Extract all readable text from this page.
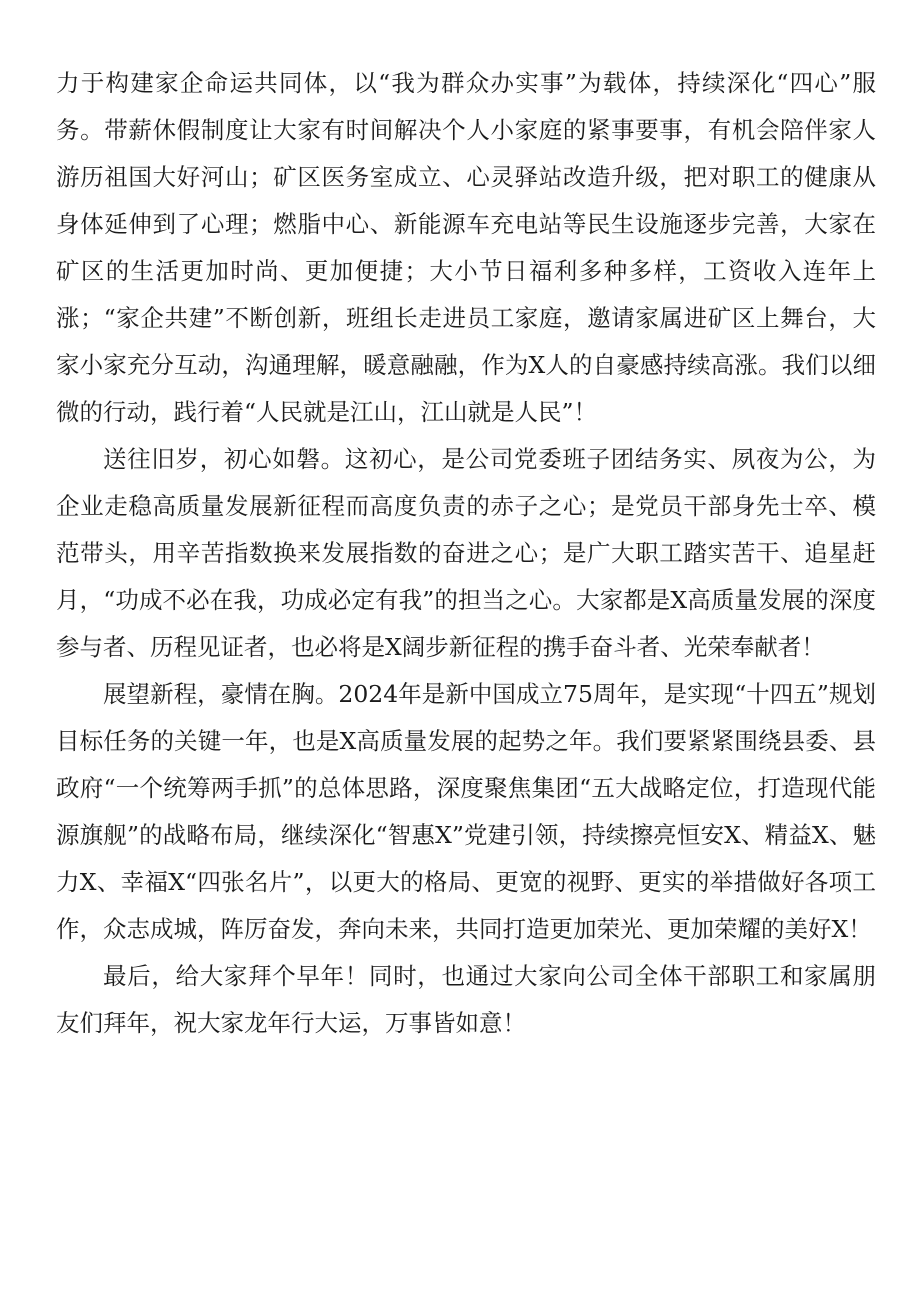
力于构建家企命运共同体，以“我为群众办实事”为载体，持续深化“四心”服务。带薪休假制度让大家有时间解决个人小家庭的紧事要事，有机会陪伴家人游历祖国大好河山；矿区医务室成立、心灵驿站改造升级，把对职工的健康从身体延伸到了心理；燃脂中心、新能源车充电站等民生设施逐步完善，大家在矿区的生活更加时尚、更加便捷；大小节日福利多种多样，工资收入连年上涨；“家企共建”不断创新，班组长走进员工家庭，邀请家属进矿区上舞台，大家小家充分互动，沟通理解，暖意融融，作为X人的自豪感持续高涨。我们以细微的行动，践行着“人民就是江山，江山就是人民”！

送往旧岁，初心如磐。这初心，是公司党委班子团结务实、夙夜为公，为企业走稳高质量发展新征程而高度负责的赤子之心；是党员干部身先士卒、模范带头，用辛苦指数换来发展指数的奋进之心；是广大职工踏实苦干、追星赶月，“功成不必在我，功成必定有我”的担当之心。大家都是X高质量发展的深度参与者、历程见证者，也必将是X阔步新征程的携手奋斗者、光荣奉献者！

展望新程，豪情在胸。2024年是新中国成立75周年，是实现“十四五”规划目标任务的关键一年，也是X高质量发展的起势之年。我们要紧紧围绕县委、县政府“一个统筹两手抓”的总体思路，深度聚焦集团“五大战略定位，打造现代能源旗舰”的战略布局，继续深化“智惠X”党建引领，持续擦亮恒安X、精益X、魅力X、幸福X“四张名片”，以更大的格局、更宽的视野、更实的举措做好各项工作，众志成城，阵厉奋发，奔向未来，共同打造更加荣光、更加荣耀的美好X！

最后，给大家拜个早年！同时，也通过大家向公司全体干部职工和家属朋友们拜年，祝大家龙年行大运，万事皆如意！
